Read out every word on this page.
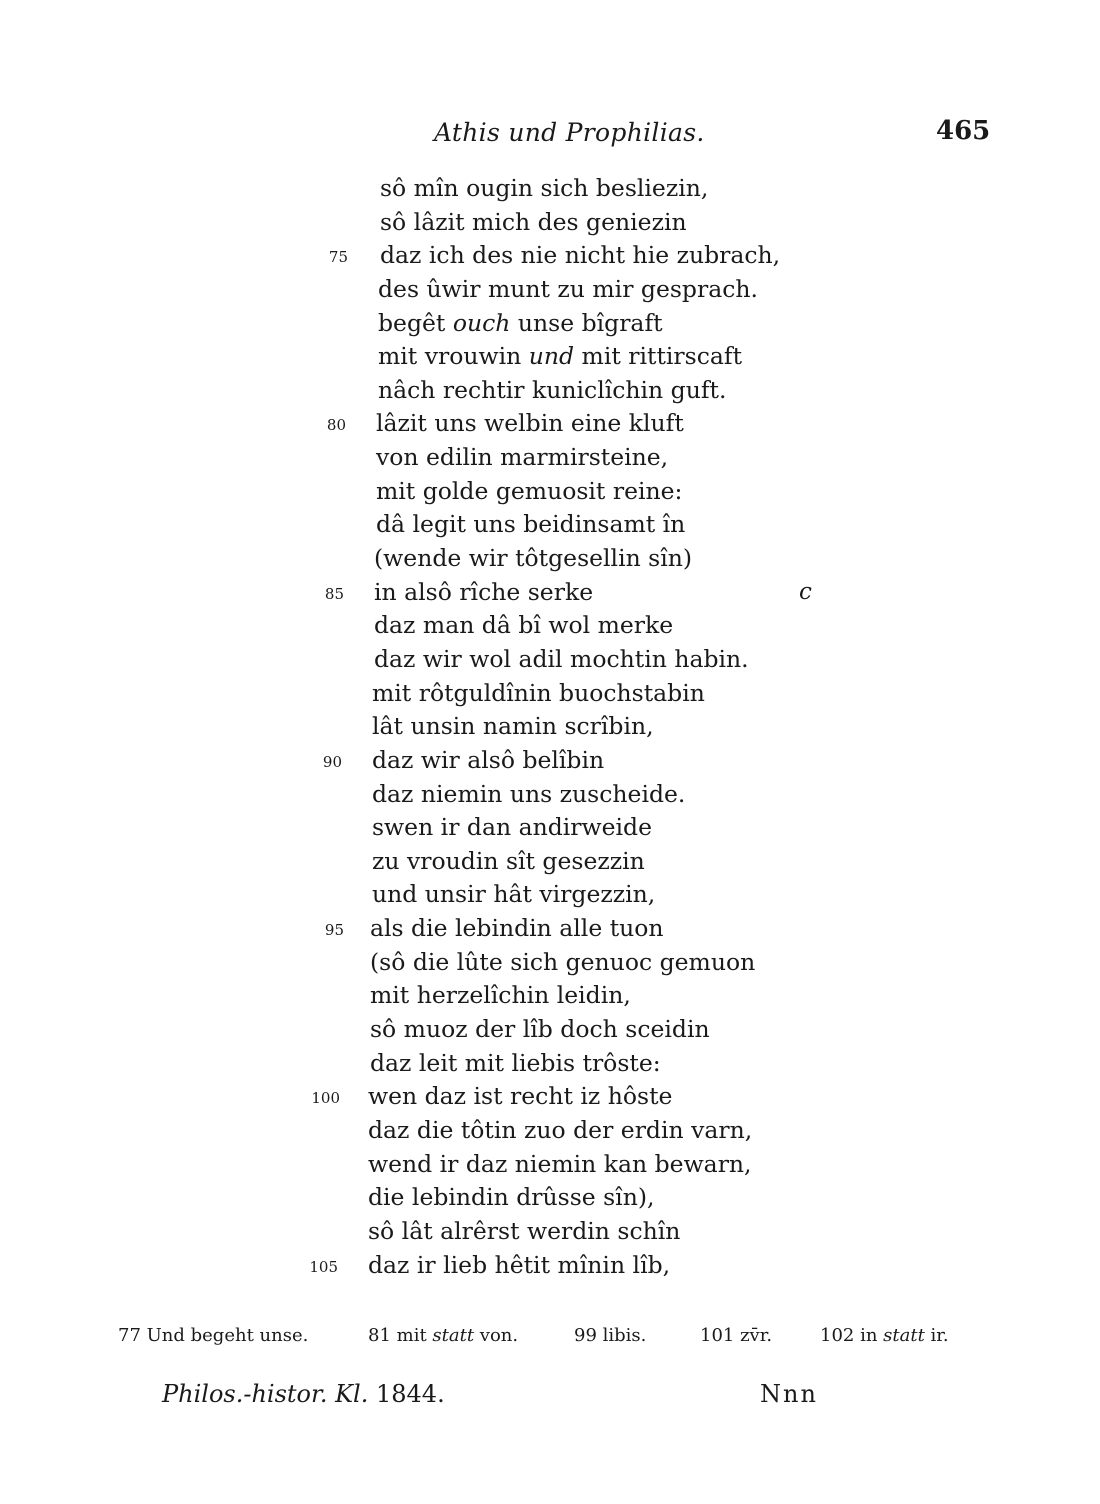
Athis und Prophilias.	465
sô mîn ougin sich besliezin,
sô lâzit mich des geniezin
75 daz ich des nie nicht hie zubrach,
des ûwir munt zu mir gesprach.
begêt ouch unse bîgraft
mit vrouwin und mit rittirscaft
nâch rechtir kuniclîchin guft.
80 lâzit uns welbin eine kluft
von edilin marmirsteine,
mit golde gemuosit reine:
dâ legit uns beidinsamt în
(wende wir tôtgesellin sîn)
85 in alsô rîche serke	c
daz man dâ bî wol merke
daz wir wol adil mochtin habin.
mit rôtguldînin buochstabin
lât unsin namin scrîbin,
90 daz wir alsô belîbin
daz niemin uns zuscheide.
swen ir dan andirweide
zu vroudin sît gesezzin
und unsir hât virgezzin,
95 als die lebindin alle tuon
(sô die lûte sich genuoc gemuon
mit herzelîchin leidin,
sô muoz der lîb doch sceidin
daz leit mit liebis trôste:
100 wen daz ist recht iz hôste
daz die tôtin zuo der erdin varn,
wend ir daz niemin kan bewarn,
die lebindin drûsse sîn),
sô lât alrêrst werdin schîn
105 daz ir lieb hêtit mînin lîb,
77 Und begeht unse.	81 mit statt von.	99 libis.	101 zv̄r.	102 in statt ir.
Philos.-histor. Kl. 1844.	Nnn
